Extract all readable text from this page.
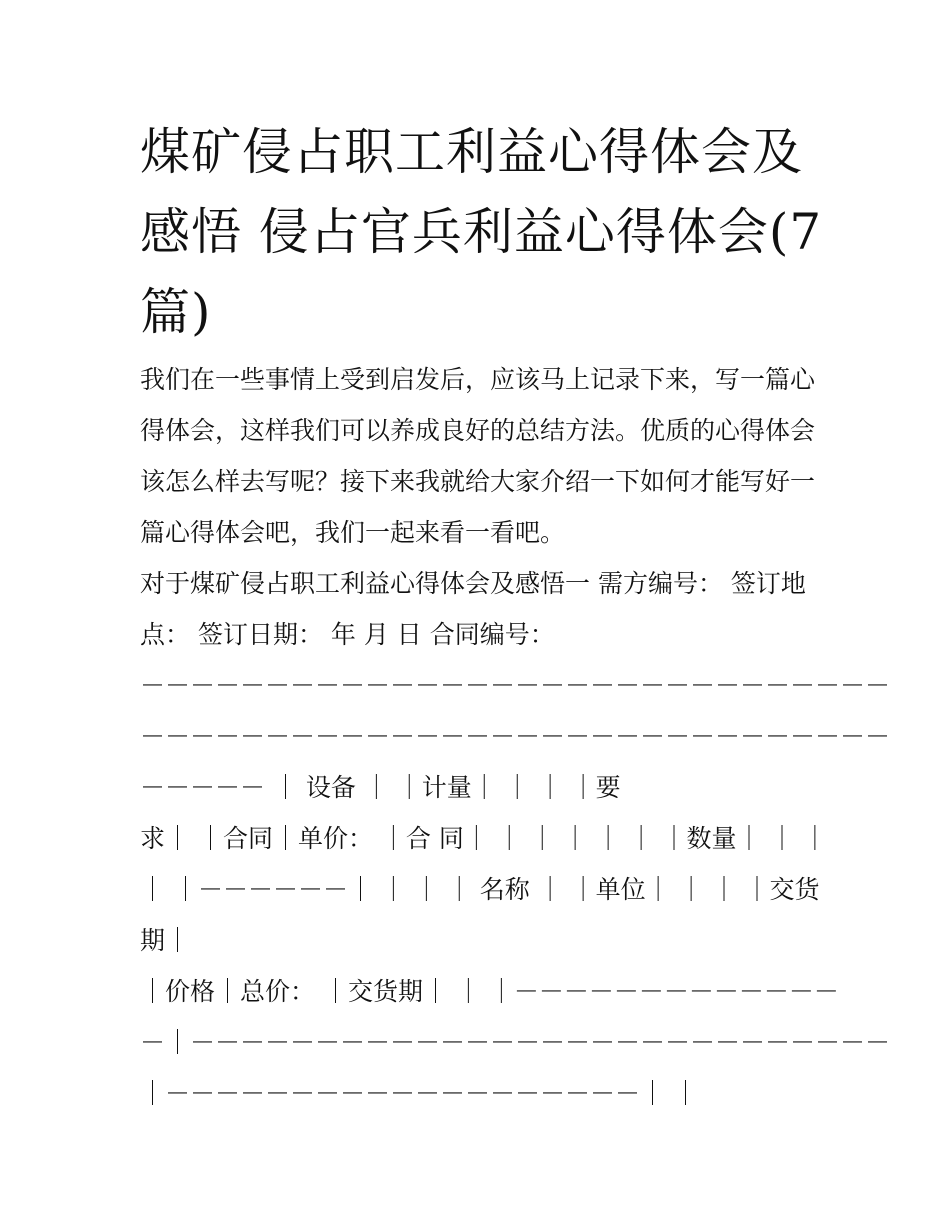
煤矿侵占职工利益心得体会及
感悟 侵占官兵利益心得体会(7
篇)
我们在一些事情上受到启发后，应该马上记录下来，写一篇心
得体会，这样我们可以养成良好的总结方法。优质的心得体会
该怎么样去写呢？接下来我就给大家介绍一下如何才能写好一
篇心得体会吧，我们一起来看一看吧。
对于煤矿侵占职工利益心得体会及感悟一 需方编号： 签订地
点： 签订日期： 年 月 日 合同编号：
－－－－－－－－－－－－－－－－－－－－－－－－－－－－－－
－－－－－－－－－－－－－－－－－－－－－－－－－－－－－－
－－－－－ ｜ 设备 ｜ ｜计量｜ ｜ ｜ ｜要
求｜ ｜合同｜单价： ｜合 同｜ ｜ ｜ ｜ ｜ ｜ ｜数量｜ ｜ ｜
｜ ｜－－－－－－｜ ｜ ｜ ｜ 名称 ｜ ｜单位｜ ｜ ｜ ｜交货
期｜
｜价格｜总价： ｜交货期｜ ｜ ｜－－－－－－－－－－－－－
－｜－－－－－－－－－－－－－－－－－－－－－－－－－－－－
｜－－－－－－－－－－－－－－－－－－－｜ ｜
